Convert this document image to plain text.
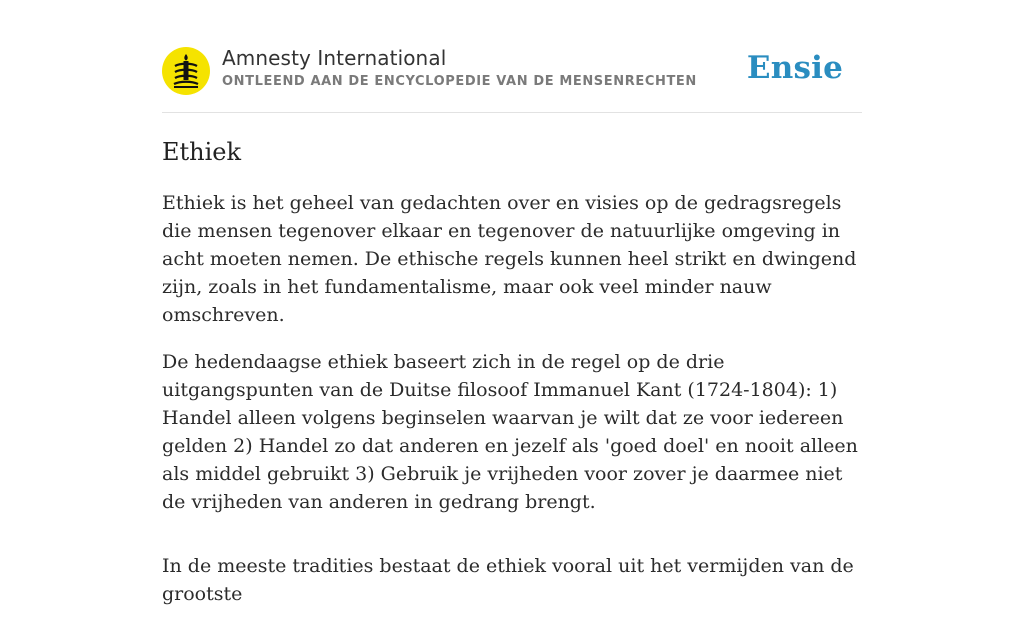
Amnesty International
ONTLEEND AAN DE ENCYCLOPEDIE VAN DE MENSENRECHTEN Ensie
Ethiek

Ethiek is het geheel van gedachten over en visies op de gedragsregels die mensen tegenover elkaar en tegenover de natuurlijke omgeving in acht moeten nemen. De ethische regels kunnen heel strikt en dwingend zijn, zoals in het fundamentalisme, maar ook veel minder nauw omschreven.

De hedendaagse ethiek baseert zich in de regel op de drie uitgangspunten van de Duitse filosoof Immanuel Kant (1724-1804): 1) Handel alleen volgens beginselen waarvan je wilt dat ze voor iedereen gelden 2) Handel zo dat anderen en jezelf als 'goed doel' en nooit alleen als middel gebruikt 3) Gebruik je vrijheden voor zover je daarmee niet de vrijheden van anderen in gedrang brengt.

In de meeste tradities bestaat de ethiek vooral uit het vermijden van de grootste
